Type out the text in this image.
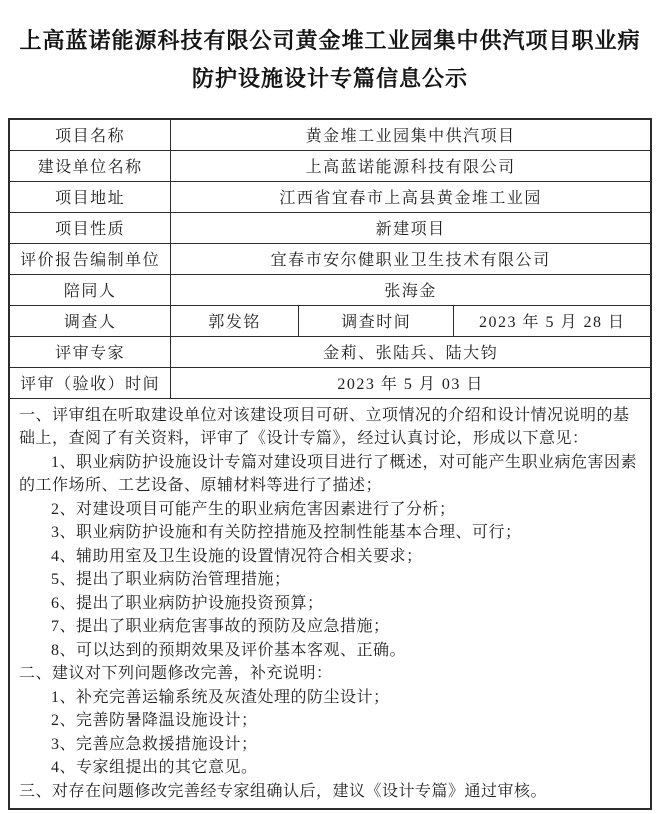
上高蓝诺能源科技有限公司黄金堆工业园集中供汽项目职业病
防护设施设计专篇信息公示
项目名称	黄金堆工业园集中供汽项目		
建设单位名称	上高蓝诺能源科技有限公司		
项目地址	江西省宜春市上高县黄金堆工业园		
项目性质	新建项目		
评价报告编制单位	宜春市安尔健职业卫生技术有限公司		
陪同人	张海金		
调查人	郭发铭	调查时间	2023 年 5 月 28 日
评审专家	金莉、张陆兵、陆大钧		
评审（验收）时间	2023 年 5 月 03 日		

一、评审组在听取建设单位对该建设项目可研、立项情况的介绍和设计情况说明的基础上，查阅了有关资料，评审了《设计专篇》，经过认真讨论，形成以下意见：

1、职业病防护设施设计专篇对建设项目进行了概述，对可能产生职业病危害因素的工作场所、工艺设备、原辅材料等进行了描述；

2、对建设项目可能产生的职业病危害因素进行了分析；

3、职业病防护设施和有关防控措施及控制性能基本合理、可行；

4、辅助用室及卫生设施的设置情况符合相关要求；

5、提出了职业病防治管理措施；

6、提出了职业病防护设施投资预算；

7、提出了职业病危害事故的预防及应急措施；

8、可以达到的预期效果及评价基本客观、正确。

二、建议对下列问题修改完善，补充说明：

1、补充完善运输系统及灰渣处理的防尘设计；

2、完善防暑降温设施设计；

3、完善应急救援措施设计；

4、专家组提出的其它意见。

三、对存在问题修改完善经专家组确认后，建议《设计专篇》通过审核。
